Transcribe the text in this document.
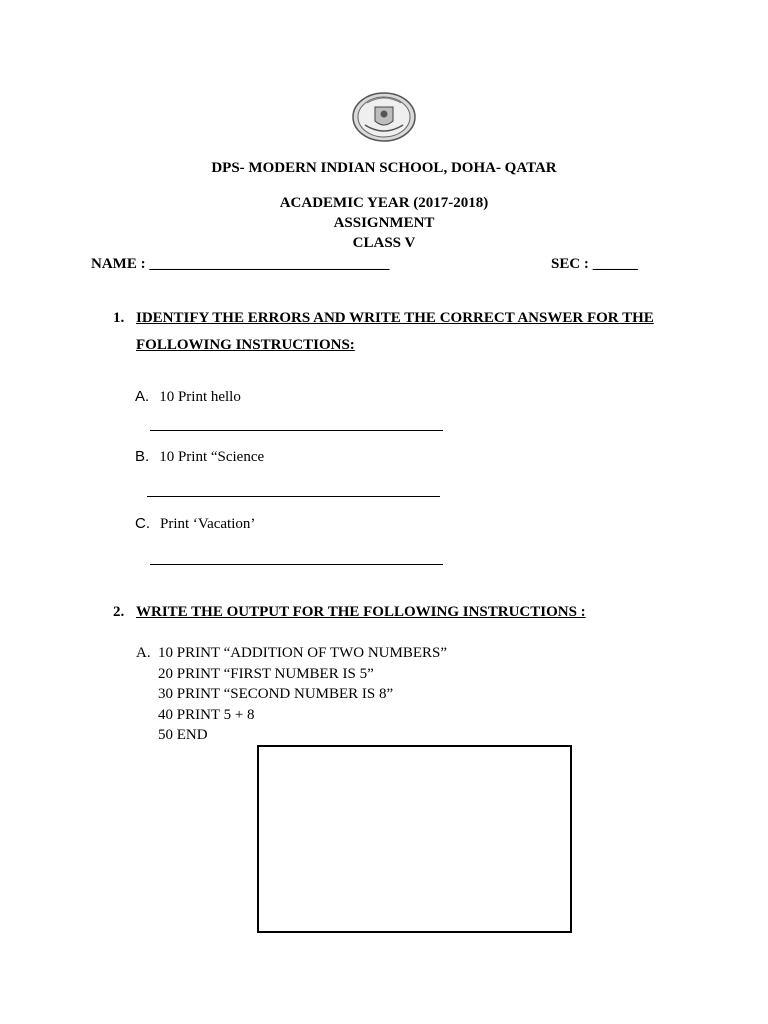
DPS- MODERN INDIAN SCHOOL, DOHA- QATAR
ACADEMIC YEAR (2017-2018)
ASSIGNMENT
CLASS V
NAME : ________________________________	SEC : ______
1. IDENTIFY THE ERRORS AND WRITE THE CORRECT ANSWER FOR THE
FOLLOWING INSTRUCTIONS:
A. 10 Print hello
B. 10 Print “Science
C. Print ‘Vacation’
2. WRITE THE OUTPUT FOR THE FOLLOWING INSTRUCTIONS :
A. 10 PRINT “ADDITION OF TWO NUMBERS”
20 PRINT “FIRST NUMBER IS 5”
30 PRINT “SECOND NUMBER IS 8”
40 PRINT 5 + 8
50 END
